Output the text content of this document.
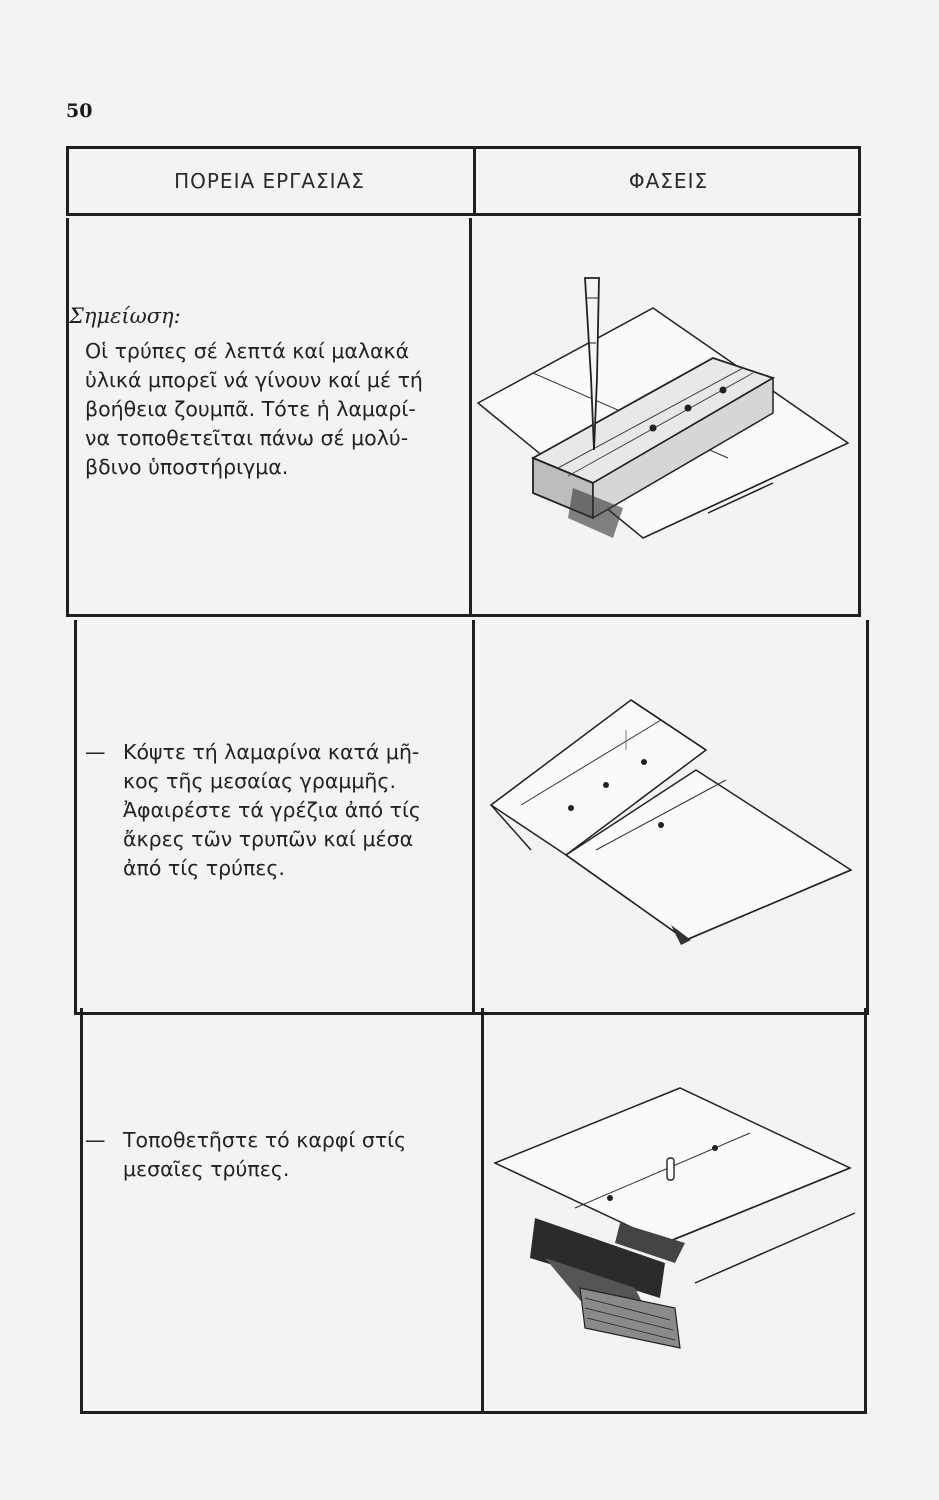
50
ΠΟΡΕΙΑ ΕΡΓΑΣΙΑΣ	ΦΑΣΕΙΣ
Σημείωση:
Οἱ τρύπες σέ λεπτά καί μαλακά
ὑλικά μπορεῖ νά γίνουν καί μέ τή
βοήθεια ζουμπᾶ. Τότε ἡ λαμαρί-
να τοποθετεῖται πάνω σέ μολύ-
βδινο ὑποστήριγμα.
— Κόψτε τή λαμαρίνα κατά μῆ-
κος τῆς μεσαίας γραμμῆς.
Ἀφαιρέστε τά γρέζια ἀπό τίς
ἄκρες τῶν τρυπῶν καί μέσα
ἀπό τίς τρύπες.
— Τοποθετῆστε τό καρφί στίς
μεσαῖες τρύπες.
